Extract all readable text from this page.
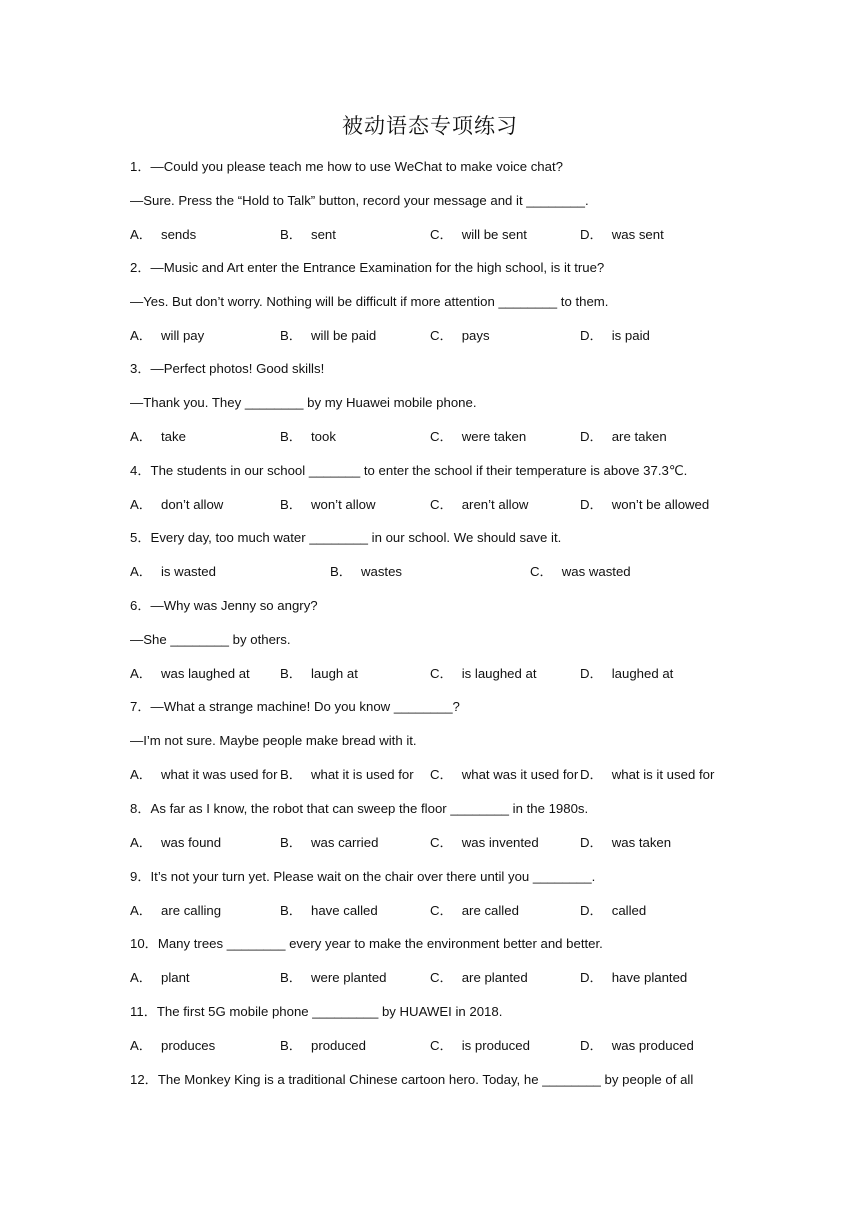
被动语态专项练习
1．—Could you please teach me how to use WeChat to make voice chat?
—Sure. Press the “Hold to Talk” button, record your message and it ________.
A． sends	B． sent	C． will be sent	D． was sent
2．—Music and Art enter the Entrance Examination for the high school, is it true?
—Yes. But don’t worry. Nothing will be difficult if more attention ________ to them.
A． will pay	B． will be paid	C． pays	D． is paid
3．—Perfect photos! Good skills!
—Thank you. They ________ by my Huawei mobile phone.
A． take	B． took	C． were taken	D． are taken
4．The students in our school _______ to enter the school if their temperature is above 37.3℃.
A． don’t allow	B． won’t allow	C． aren’t allow	D． won’t be allowed
5．Every day, too much water ________ in our school. We should save it.
A． is wasted	B． wastes	C． was wasted
6．—Why was Jenny so angry?
—She ________ by others.
A． was laughed at B． laugh at	C． is laughed at	D． laughed at
7．—What a strange machine! Do you know ________?
—I’m not sure. Maybe people make bread with it.
A． what it was used for B． what it is used for C． what was it used for D． what is it used for
8．As far as I know, the robot that can sweep the floor ________ in the 1980s.
A． was found	B． was carried	C． was invented	D． was taken
9．It’s not your turn yet. Please wait on the chair over there until you ________.
A． are calling	B． have called	C． are called	D． called
10．Many trees ________ every year to make the environment better and better.
A． plant	B． were planted	C． are planted	D． have planted
11．The first 5G mobile phone _________ by HUAWEI in 2018.
A． produces	B． produced	C． is produced	D． was produced
12．The Monkey King is a traditional Chinese cartoon hero. Today, he ________ by people of all
